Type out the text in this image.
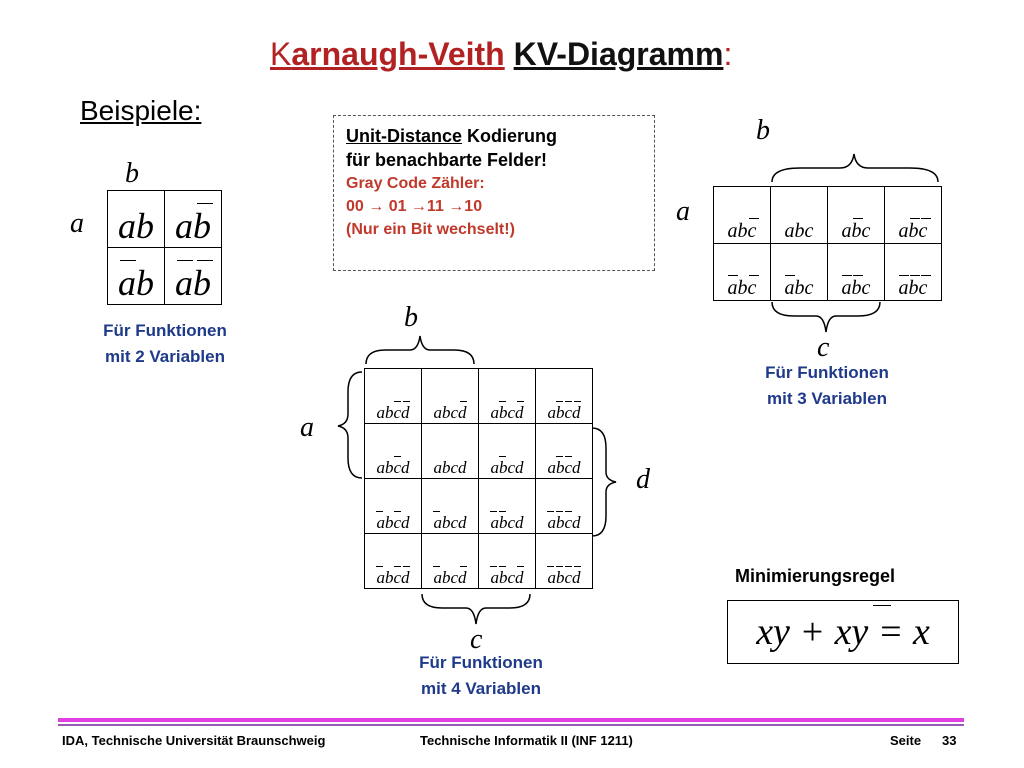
Karnaugh-Veith KV-Diagramm:
Beispiele:
Unit-Distance Kodierung
für benachbarte Felder!
Gray Code Zähler:
00 → 01 →11 →10
(Nur ein Bit wechselt!)
b
a ab	ab

ab	ab
Für Funktionen
mit 2 Variablen
b
a
abc	abc	abc	abc

abc	abc	abc	abc
c
Für Funktionen
mit 3 Variablen
b
a	abcd	abcd	abcd	abcd

abcd	abcd	abcd	abcd

abcd	abcd	abcd	abcd

abcd	abcd	abcd	abcd
d
c
Für Funktionen
mit 4 Variablen
Minimierungsregel
xy + xy = x
IDA, Technische Universität Braunschweig	Technische Informatik II (INF 1211)	Seite 33
